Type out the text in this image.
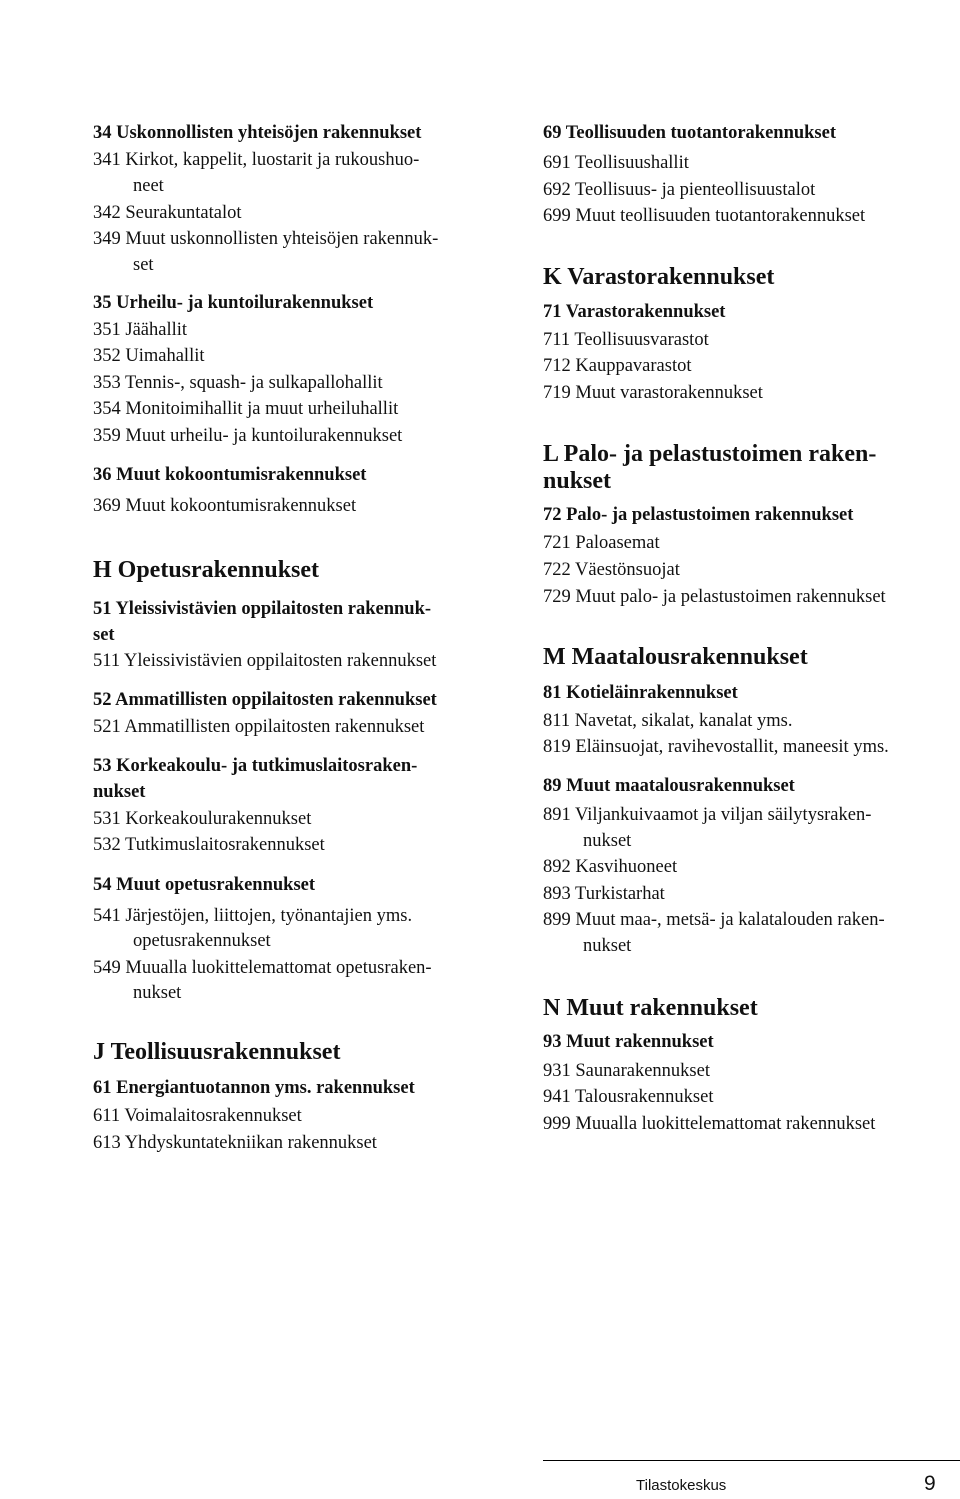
34 Uskonnollisten yhteisöjen rakennukset
341 Kirkot, kappelit, luostarit ja rukoushuo-
neet
342 Seurakuntatalot
349 Muut uskonnollisten yhteisöjen rakennuk-
set
35 Urheilu- ja kuntoilurakennukset
351 Jäähallit
352 Uimahallit
353 Tennis-, squash- ja sulkapallohallit
354 Monitoimihallit ja muut urheiluhallit
359 Muut urheilu- ja kuntoilurakennukset
36 Muut kokoontumisrakennukset
369 Muut kokoontumisrakennukset
H Opetusrakennukset
51 Yleissivistävien oppilaitosten rakennuk-
set
511 Yleissivistävien oppilaitosten rakennukset
52 Ammatillisten oppilaitosten rakennukset
521 Ammatillisten oppilaitosten rakennukset
53 Korkeakoulu- ja tutkimuslaitosraken-
nukset
531 Korkeakoulurakennukset
532 Tutkimuslaitosrakennukset
54 Muut opetusrakennukset
541 Järjestöjen, liittojen, työnantajien yms.
opetusrakennukset
549 Muualla luokittelemattomat opetusraken-
nukset
J Teollisuusrakennukset
61 Energiantuotannon yms. rakennukset
611 Voimalaitosrakennukset
613 Yhdyskuntatekniikan rakennukset
69 Teollisuuden tuotantorakennukset
691 Teollisuushallit
692 Teollisuus- ja pienteollisuustalot
699 Muut teollisuuden tuotantorakennukset
K Varastorakennukset
71 Varastorakennukset
711 Teollisuusvarastot
712 Kauppavarastot
719 Muut varastorakennukset
L Palo- ja pelastustoimen raken-
nukset
72 Palo- ja pelastustoimen rakennukset
721 Paloasemat
722 Väestönsuojat
729 Muut palo- ja pelastustoimen rakennukset
M Maatalousrakennukset
81 Kotieläinrakennukset
811 Navetat, sikalat, kanalat yms.
819 Eläinsuojat, ravihevostallit, maneesit yms.
89 Muut maatalousrakennukset
891 Viljankuivaamot ja viljan säilytysraken-
nukset
892 Kasvihuoneet
893 Turkistarhat
899 Muut maa-, metsä- ja kalatalouden raken-
nukset
N Muut rakennukset
93 Muut rakennukset
931 Saunarakennukset
941 Talousrakennukset
999 Muualla luokittelemattomat rakennukset
Tilastokeskus	9
